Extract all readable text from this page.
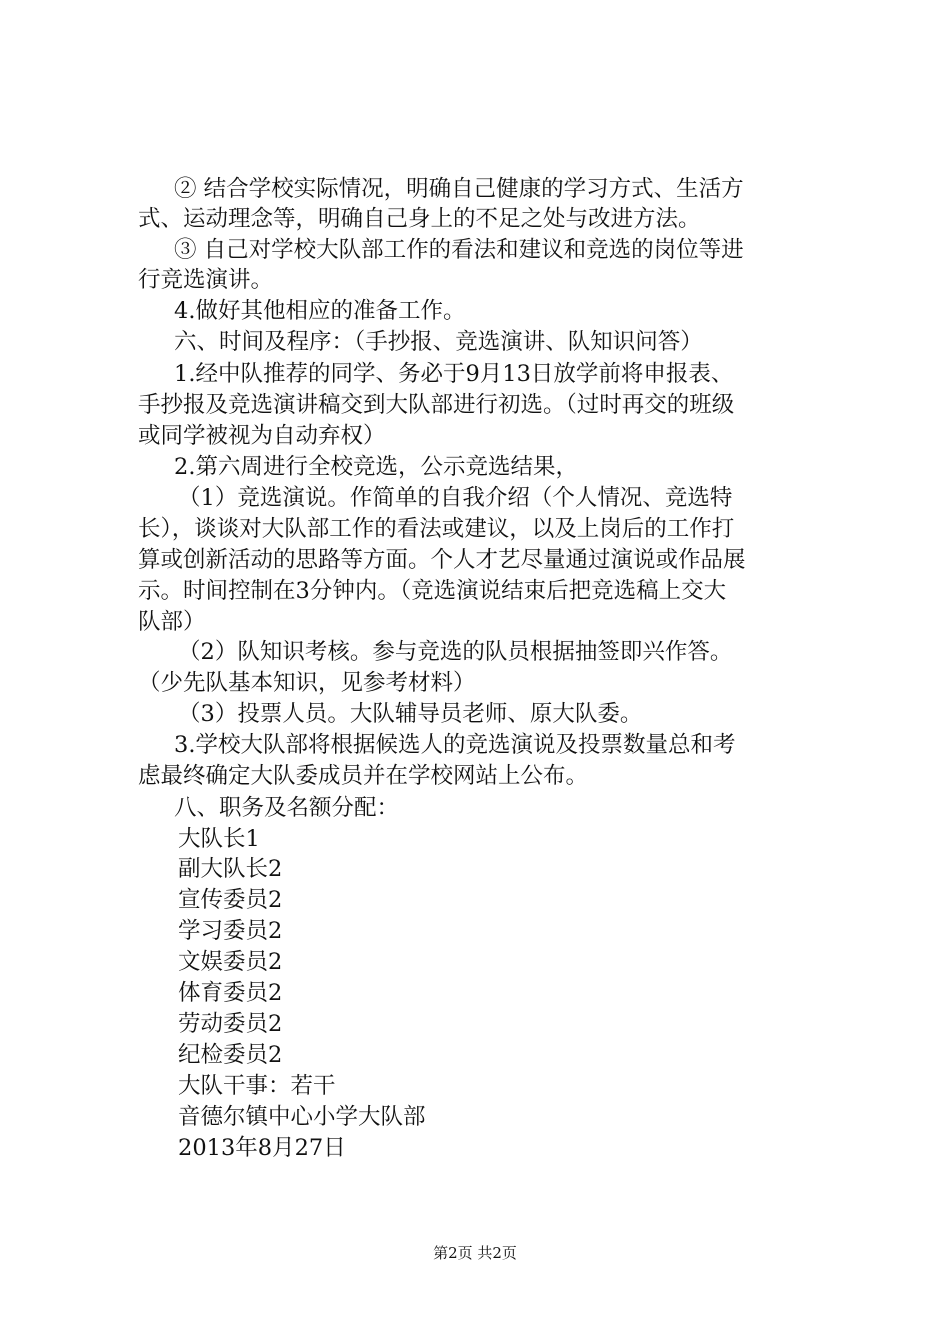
② 结合学校实际情况，明确自己健康的学习方式、生活方
式、运动理念等，明确自己身上的不足之处与改进方法。
③ 自己对学校大队部工作的看法和建议和竞选的岗位等进
行竞选演讲。
4.做好其他相应的准备工作。
六、时间及程序：（手抄报、竞选演讲、队知识问答）
1.经中队推荐的同学、务必于9月13日放学前将申报表、
手抄报及竞选演讲稿交到大队部进行初选。（过时再交的班级
或同学被视为自动弃权）
2.第六周进行全校竞选，公示竞选结果，
（1）竞选演说。作简单的自我介绍（个人情况、竞选特
长），谈谈对大队部工作的看法或建议，以及上岗后的工作打
算或创新活动的思路等方面。个人才艺尽量通过演说或作品展
示。时间控制在3分钟内。（竞选演说结束后把竞选稿上交大
队部）
（2）队知识考核。参与竞选的队员根据抽签即兴作答。
（少先队基本知识，见参考材料）
（3）投票人员。大队辅导员老师、原大队委。
3.学校大队部将根据候选人的竞选演说及投票数量总和考
虑最终确定大队委成员并在学校网站上公布。
八、职务及名额分配：
大队长1
副大队长2
宣传委员2
学习委员2
文娱委员2
体育委员2
劳动委员2
纪检委员2
大队干事：若干
音德尔镇中心小学大队部
2013年8月27日
第2页 共2页
